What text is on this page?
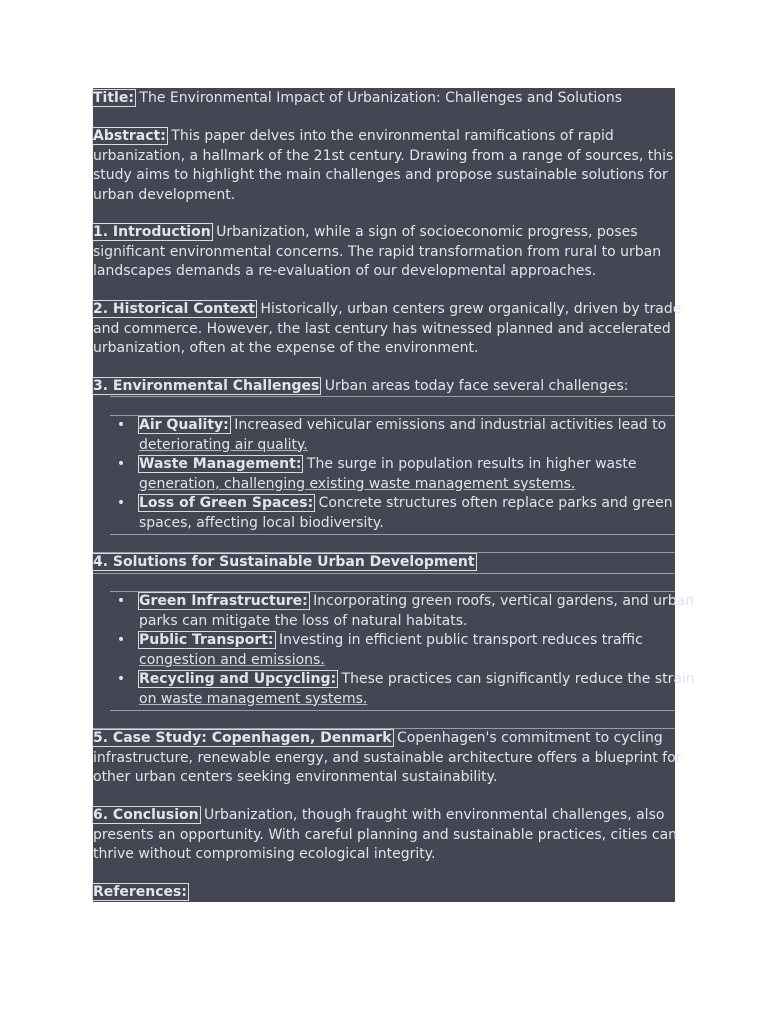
Title: The Environmental Impact of Urbanization: Challenges and Solutions
Abstract: This paper delves into the environmental ramifications of rapid
urbanization, a hallmark of the 21st century. Drawing from a range of sources, this
study aims to highlight the main challenges and propose sustainable solutions for
urban development.
1. Introduction Urbanization, while a sign of socioeconomic progress, poses
significant environmental concerns. The rapid transformation from rural to urban
landscapes demands a re-evaluation of our developmental approaches.
2. Historical Context Historically, urban centers grew organically, driven by trade
and commerce. However, the last century has witnessed planned and accelerated
urbanization, often at the expense of the environment.
3. Environmental Challenges Urban areas today face several challenges:
• Air Quality: Increased vehicular emissions and industrial activities lead to
deteriorating air quality.
• Waste Management: The surge in population results in higher waste
generation, challenging existing waste management systems.
• Loss of Green Spaces: Concrete structures often replace parks and green
spaces, affecting local biodiversity.
4. Solutions for Sustainable Urban Development
• Green Infrastructure: Incorporating green roofs, vertical gardens, and urban
parks can mitigate the loss of natural habitats.
• Public Transport: Investing in efficient public transport reduces traffic
congestion and emissions.
• Recycling and Upcycling: These practices can significantly reduce the strain
on waste management systems.
5. Case Study: Copenhagen, Denmark Copenhagen's commitment to cycling
infrastructure, renewable energy, and sustainable architecture offers a blueprint for
other urban centers seeking environmental sustainability.
6. Conclusion Urbanization, though fraught with environmental challenges, also
presents an opportunity. With careful planning and sustainable practices, cities can
thrive without compromising ecological integrity.
References:
